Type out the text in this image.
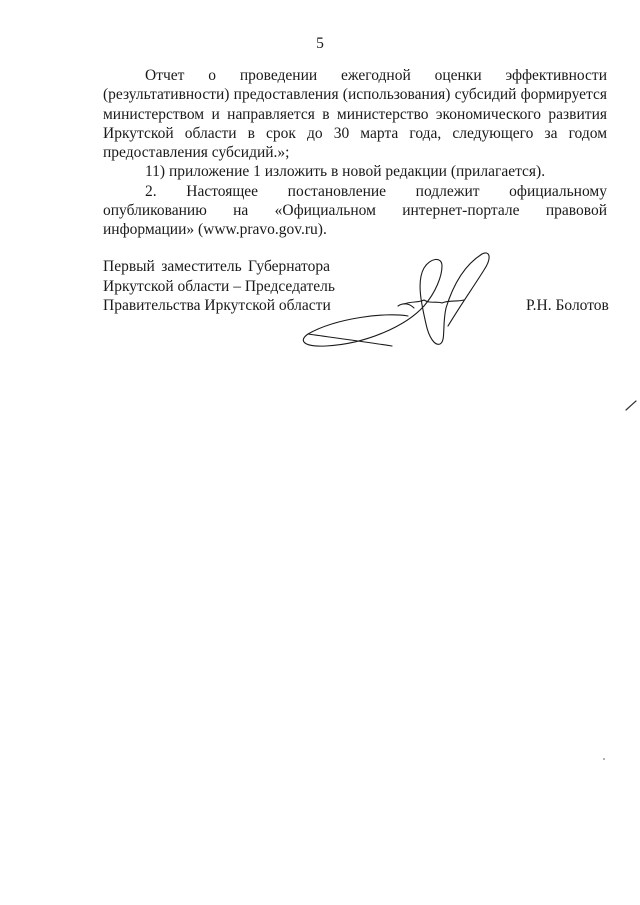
5

Отчет о проведении ежегодной оценки эффективности (результативности) предоставления (использования) субсидий формируется министерством и направляется в министерство экономического развития Иркутской области в срок до 30 марта года, следующего за годом предоставления субсидий.»;

11) приложение 1 изложить в новой редакции (прилагается).

2. Настоящее постановление подлежит официальному опубликованию на «Официальном интернет-портале правовой информации» (www.pravo.gov.ru).

Первый заместитель Губернатора
Иркутской области – Председатель
Правительства Иркутской области	Р.Н. Болотов
